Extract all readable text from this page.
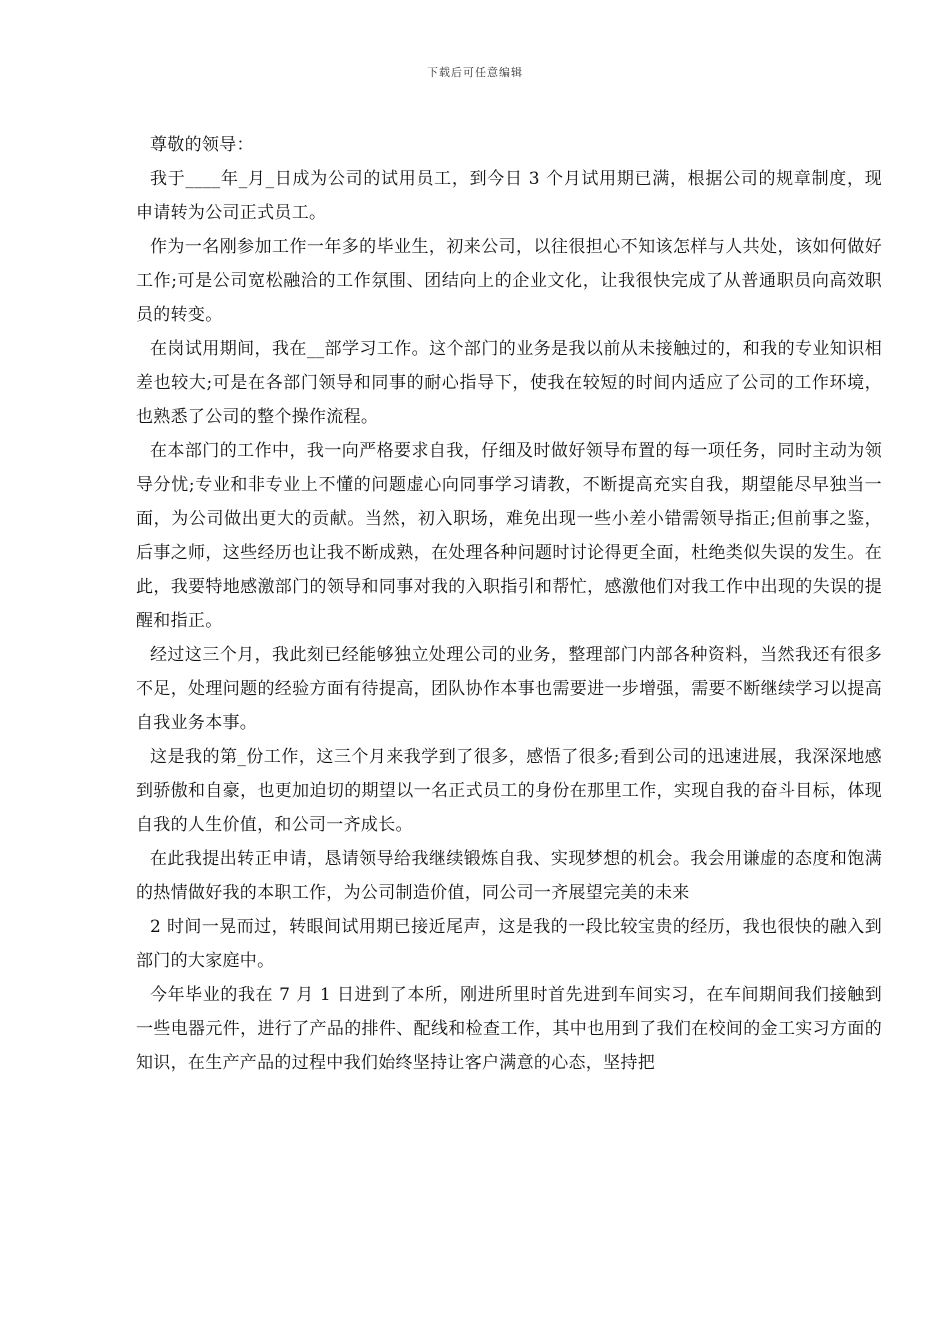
下载后可任意编辑
尊敬的领导：

我于____年_月_日成为公司的试用员工，到今日 3 个月试用期已满，根据公司的规章制度，现申请转为公司正式员工。

作为一名刚参加工作一年多的毕业生，初来公司，以往很担心不知该怎样与人共处，该如何做好工作;可是公司宽松融洽的工作氛围、团结向上的企业文化，让我很快完成了从普通职员向高效职员的转变。

在岗试用期间，我在__部学习工作。这个部门的业务是我以前从未接触过的，和我的专业知识相差也较大;可是在各部门领导和同事的耐心指导下，使我在较短的时间内适应了公司的工作环境，也熟悉了公司的整个操作流程。

在本部门的工作中，我一向严格要求自我，仔细及时做好领导布置的每一项任务，同时主动为领导分忧;专业和非专业上不懂的问题虚心向同事学习请教，不断提高充实自我，期望能尽早独当一面，为公司做出更大的贡献。当然，初入职场，难免出现一些小差小错需领导指正;但前事之鉴，后事之师，这些经历也让我不断成熟，在处理各种问题时讨论得更全面，杜绝类似失误的发生。在此，我要特地感激部门的领导和同事对我的入职指引和帮忙，感激他们对我工作中出现的失误的提醒和指正。

经过这三个月，我此刻已经能够独立处理公司的业务，整理部门内部各种资料，当然我还有很多不足，处理问题的经验方面有待提高，团队协作本事也需要进一步增强，需要不断继续学习以提高自我业务本事。

这是我的第_份工作，这三个月来我学到了很多，感悟了很多;看到公司的迅速进展，我深深地感到骄傲和自豪，也更加迫切的期望以一名正式员工的身份在那里工作，实现自我的奋斗目标，体现自我的人生价值，和公司一齐成长。

在此我提出转正申请，恳请领导给我继续锻炼自我、实现梦想的机会。我会用谦虚的态度和饱满的热情做好我的本职工作，为公司制造价值，同公司一齐展望完美的未来

2 时间一晃而过，转眼间试用期已接近尾声，这是我的一段比较宝贵的经历，我也很快的融入到部门的大家庭中。

今年毕业的我在 7 月 1 日进到了本所，刚进所里时首先进到车间实习，在车间期间我们接触到一些电器元件，进行了产品的排件、配线和检查工作，其中也用到了我们在校间的金工实习方面的知识，在生产产品的过程中我们始终坚持让客户满意的心态，坚持把
